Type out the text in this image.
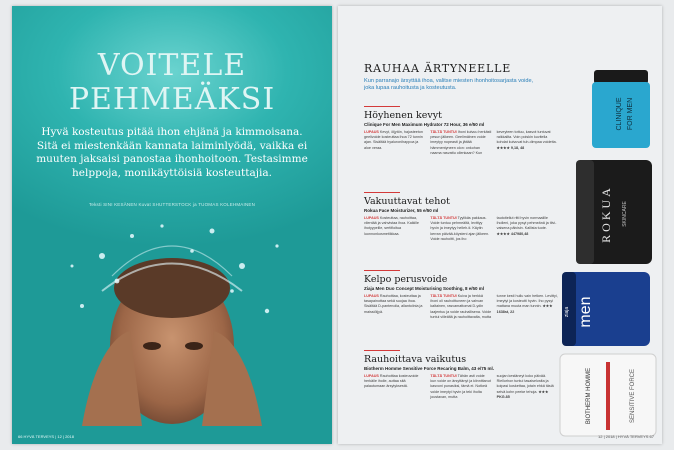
VOITELE
PEHMEÄKSI
Hyvä kosteutus pitää ihon ehjänä ja kimmoisana. Sitä ei miestenkään kannata laiminlyödä, vaikka ei muuten jaksaisi panostaa ihonhoitoon. Testasimme helppoja, monikäyttöisiä kosteuttajia.
Teksti SINI KESÄNEN Kuvat SHUTTERSTOCK ja TUOMAS KOLEHMAINEN
66 HYVÄ TERVEYS | 12 | 2018
RAUHAA ÄRTYNEELLE
Kun parranajo ärsyttää ihoa, valitse miesten ihonhoitosarjasta voide, joka lupaa rauhoitusta ja kosteutusta.
Höyhenen kevyt
Clinique For Men Maximum Hydrator 72 Hour, 36 e/50 ml
LUPAUS Kevyt, öljytön, hajusteeton geelivoide kosteuttaa ihoa 72 tunnin ajan. Sisältää hyaluronihappoa ja aloe veraa.
TÄLTÄ TUNTUI Ihoni kuivuu herkästi pesun jälkeen. Geelimäinen voide imeytyy nopeasti ja jättää hämmentyneen olon: onkohan naama rasvattu ollenkaan? Kun
keveyteen tottuu, kasvot tuntuvat raikkailta. Voin poiskin kuvitella kohdat kuivuvat tuh-dimpaa voidetta. ★★★★ 9,18, 48
Vakuuttavat tehot
Rokua Face Moisturizer, 55 e/50 ml
LUPAUS Kosteuttaa, rauhoittaa, vilentää ja vahvistaa ihoa. Kaikille ihotyypeille, sertifioitua luonnonkosmetiikkaa.
TÄLTÄ TUNTUI Tyylikäs pakkaus. Voide tuntuu pehmeältä, levittyy hyvin ja imeytyy helleh-ti. Käytin kerran päivää-köysteni ajan jälkeen. Voide rauhoitti, jos iho
tautoitellut ritti hyvin normaalille iholleni, joka pysyi pehmeänä ja tiivi-vaisena päivisin. Kallista tuote. ★★★★ 447980,48
Kelpo perusvoide
Ziaja Men Duo Concept Moisturising Soothing, 8 e/50 ml
LUPAUS Rauhoittaa, kosteuttaa ja tasapainottaa sekä suojaa ihoa. Sisältää D-pantenolia, allantoiinia ja maissiöljyä.
TÄLTÄ TUNTUI Kuiva ja herkkä ihoni oli rauhoittuneen ja vahvan kaltainen, rasvamattomat D-ydin laajentuu ja voide rauhallisena. Voide tuntui viileältä ja rauhoittavalta, mutta
tunne kesti hullu vain hetken. Levittyi, imeytyi ja kosteutti hyvin. Iho pysyi mattana muuta man tunnin. ★★★ 1638st, 22
Rauhoittava vaikutus
Biotherm Homme Sensitive Force Recaring Balm, 43 e/75 ml.
LUPAUS Rauhoittaa kosteuvoide herkälle iholle, auttaa sitä palautumaan ärsytyksestä.
TÄLTÄ TUNTUI Tähän asti voide kun voide on ärsyttänyt ja kiinnittanut kasvoni punasiksi, tämä ei. Notkeä voide imeytyi hyvin ja teki iholta joustavan, mutta
suojan kestäneyt koko päivää. Riellorhon tuntui tasaiselvalta ja koipasi koskettaa, jotain ehkä täsiä selvä kohn peeke tehoja. ★★★ PKG.85
CLINIQUE FOR MEN
ROKUA SKINCARE
men
ziaja
BIOTHERM HOMME	SENSITIVE FORCE
12 | 2018 | HYVÄ TERVEYS 67
